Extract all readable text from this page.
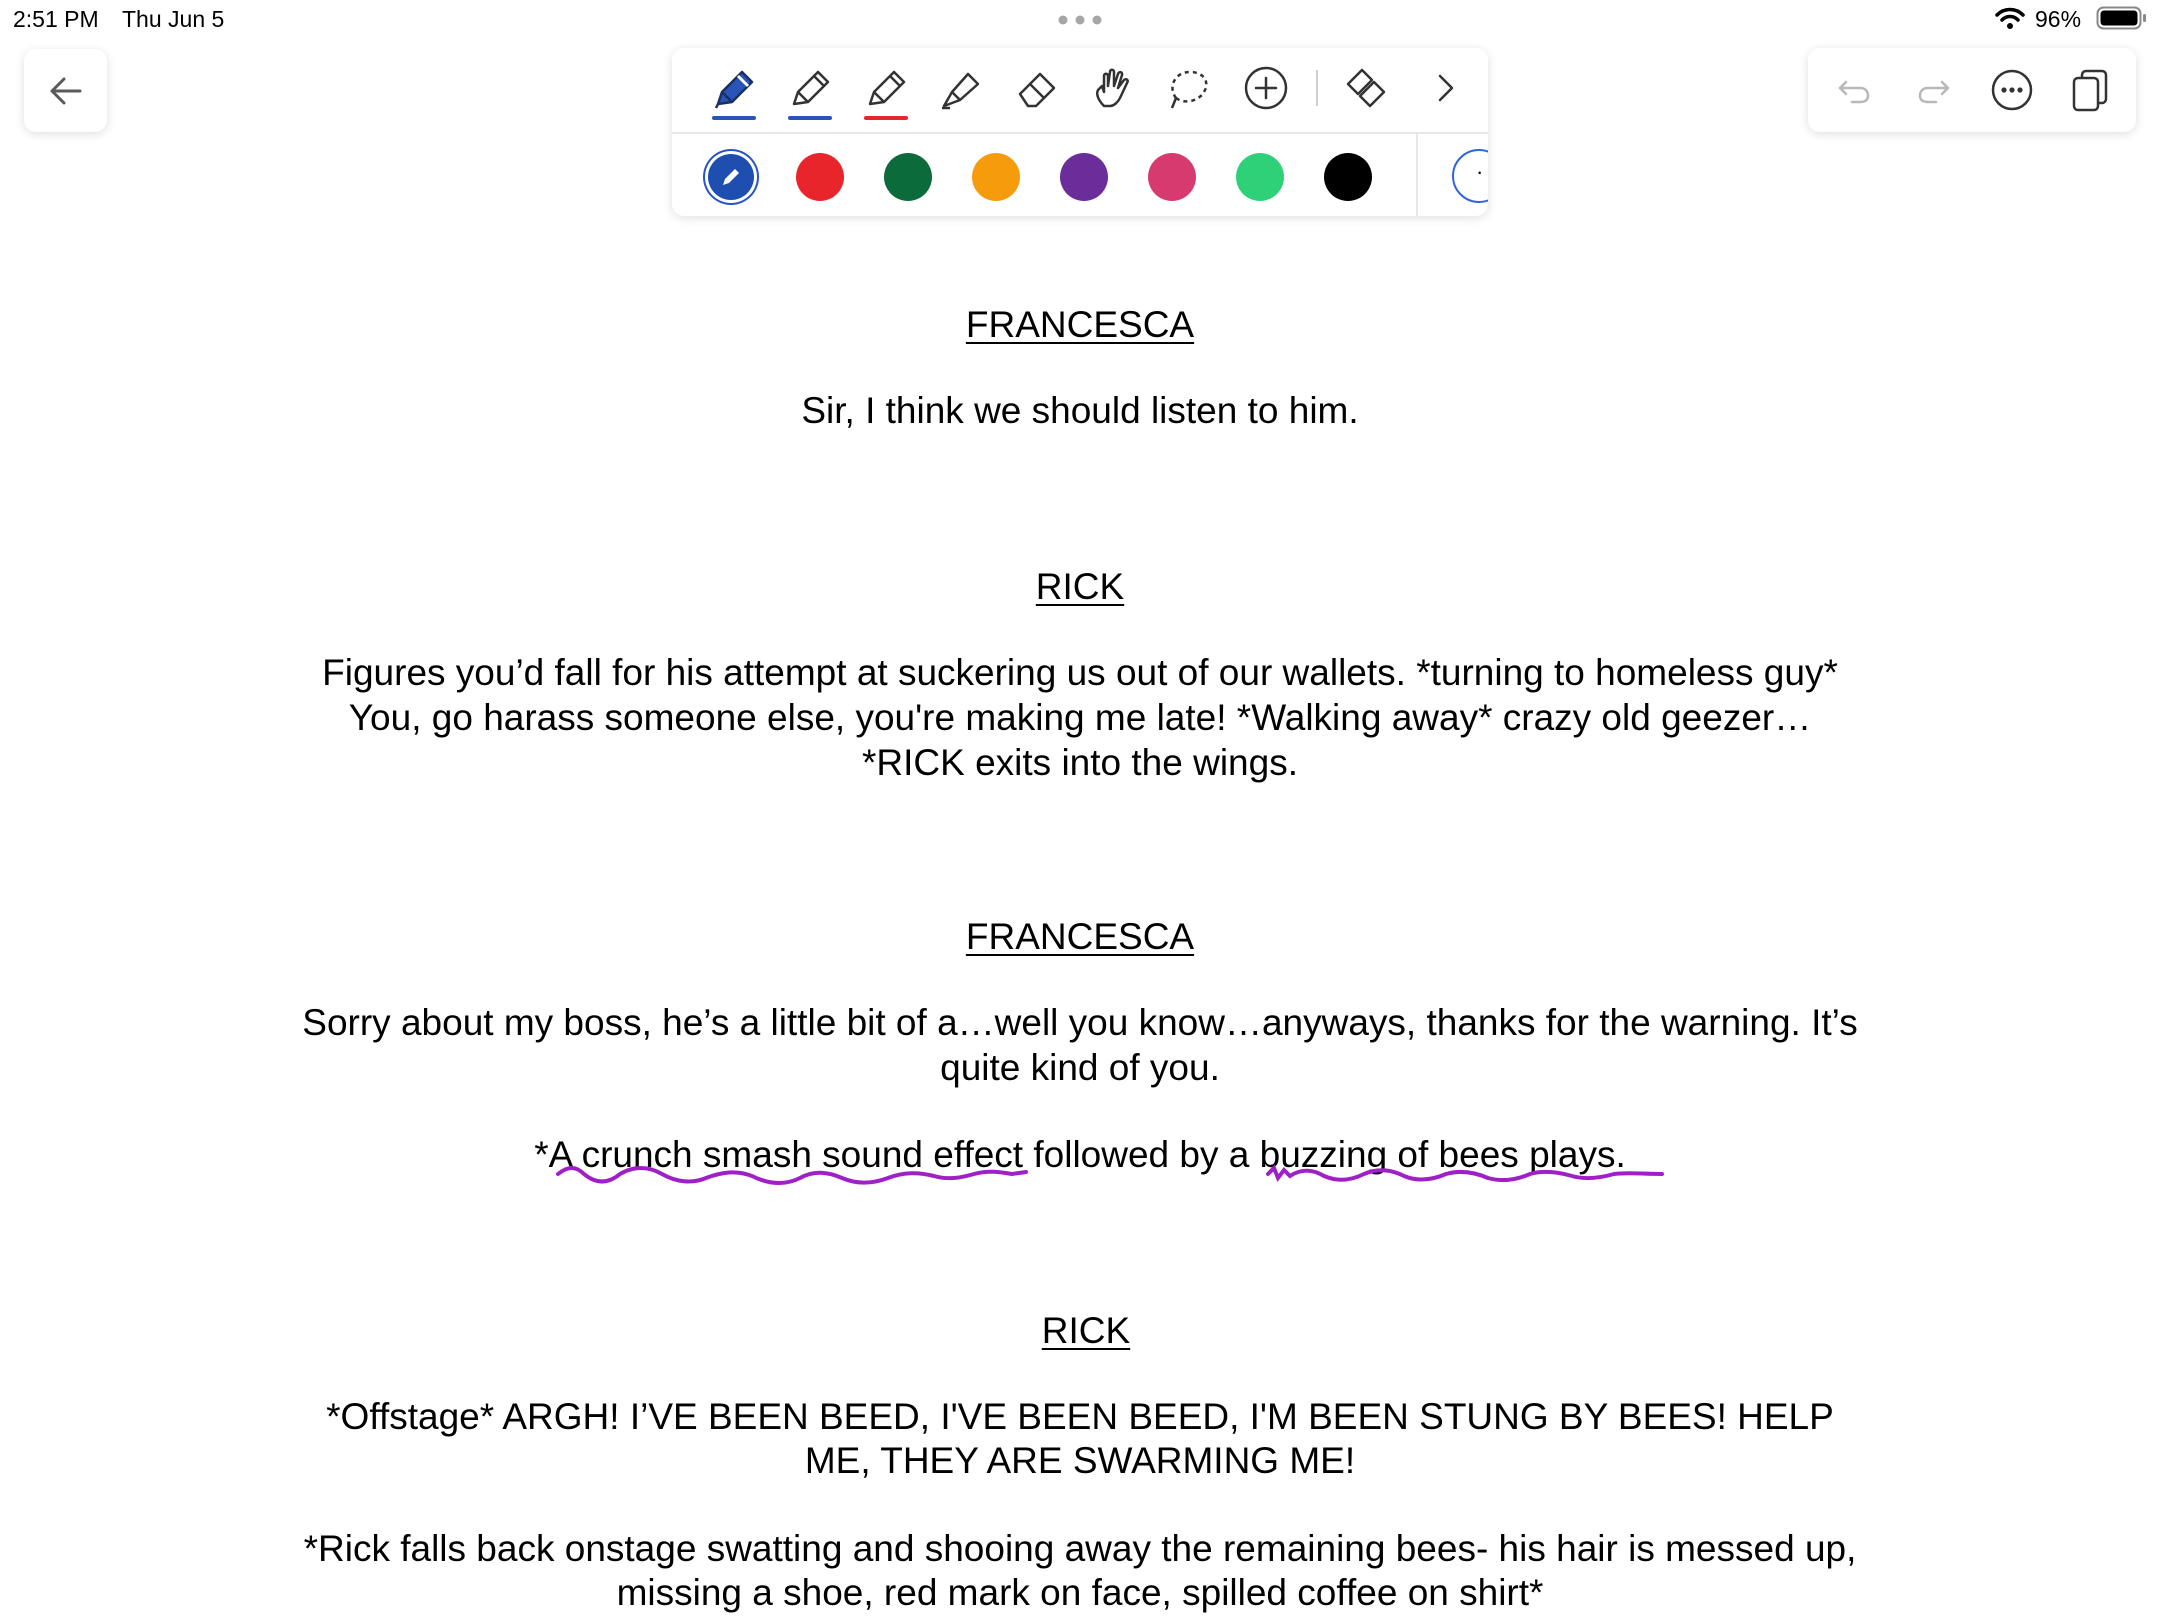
2:51 PM Thu Jun 5	96%
·
FRANCESCA
Sir, I think we should listen to him.
RICK
Figures you’d fall for his attempt at suckering us out of our wallets. *turning to homeless guy*
You, go harass someone else, you're making me late! *Walking away* crazy old geezer…
*RICK exits into the wings.
FRANCESCA
Sorry about my boss, he’s a little bit of a…well you know…anyways, thanks for the warning. It’s
quite kind of you.
*A crunch smash sound effect followed by a buzzing of bees plays.
RICK
*Offstage* ARGH! I’VE BEEN BEED, I'VE BEEN BEED, I'M BEEN STUNG BY BEES! HELP
ME, THEY ARE SWARMING ME!
*Rick falls back onstage swatting and shooing away the remaining bees- his hair is messed up,
missing a shoe, red mark on face, spilled coffee on shirt*
